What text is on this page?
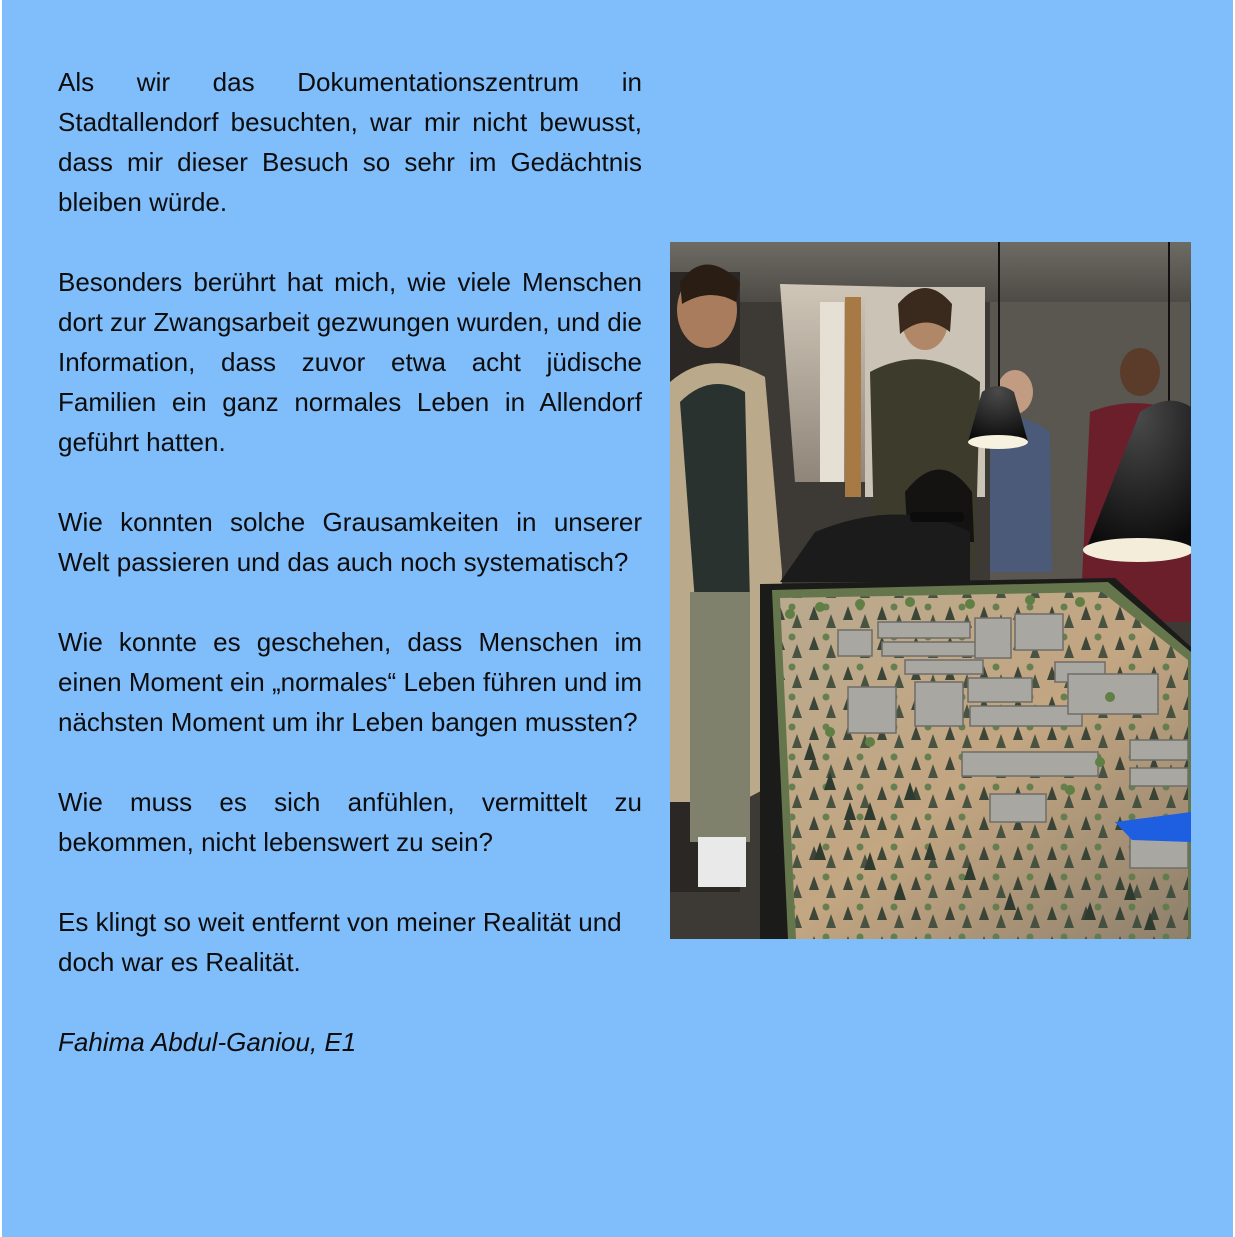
Als wir das Dokumentationszentrum in Stadtallendorf besuchten, war mir nicht bewusst, dass mir dieser Besuch so sehr im Gedächtnis bleiben würde.

Besonders berührt hat mich, wie viele Menschen dort zur Zwangsarbeit gezwungen wurden, und die Information, dass zuvor etwa acht jüdische Familien ein ganz normales Leben in Allendorf geführt hatten.

Wie konnten solche Grausamkeiten in unserer Welt passieren und das auch noch systematisch?

Wie konnte es geschehen, dass Menschen im einen Moment ein „normales“ Leben führen und im nächsten Moment um ihr Leben bangen mussten?

Wie muss es sich anfühlen, vermittelt zu bekommen, nicht lebenswert zu sein?

Es klingt so weit entfernt von meiner Realität und doch war es Realität.

Fahima Abdul-Ganiou, E1
